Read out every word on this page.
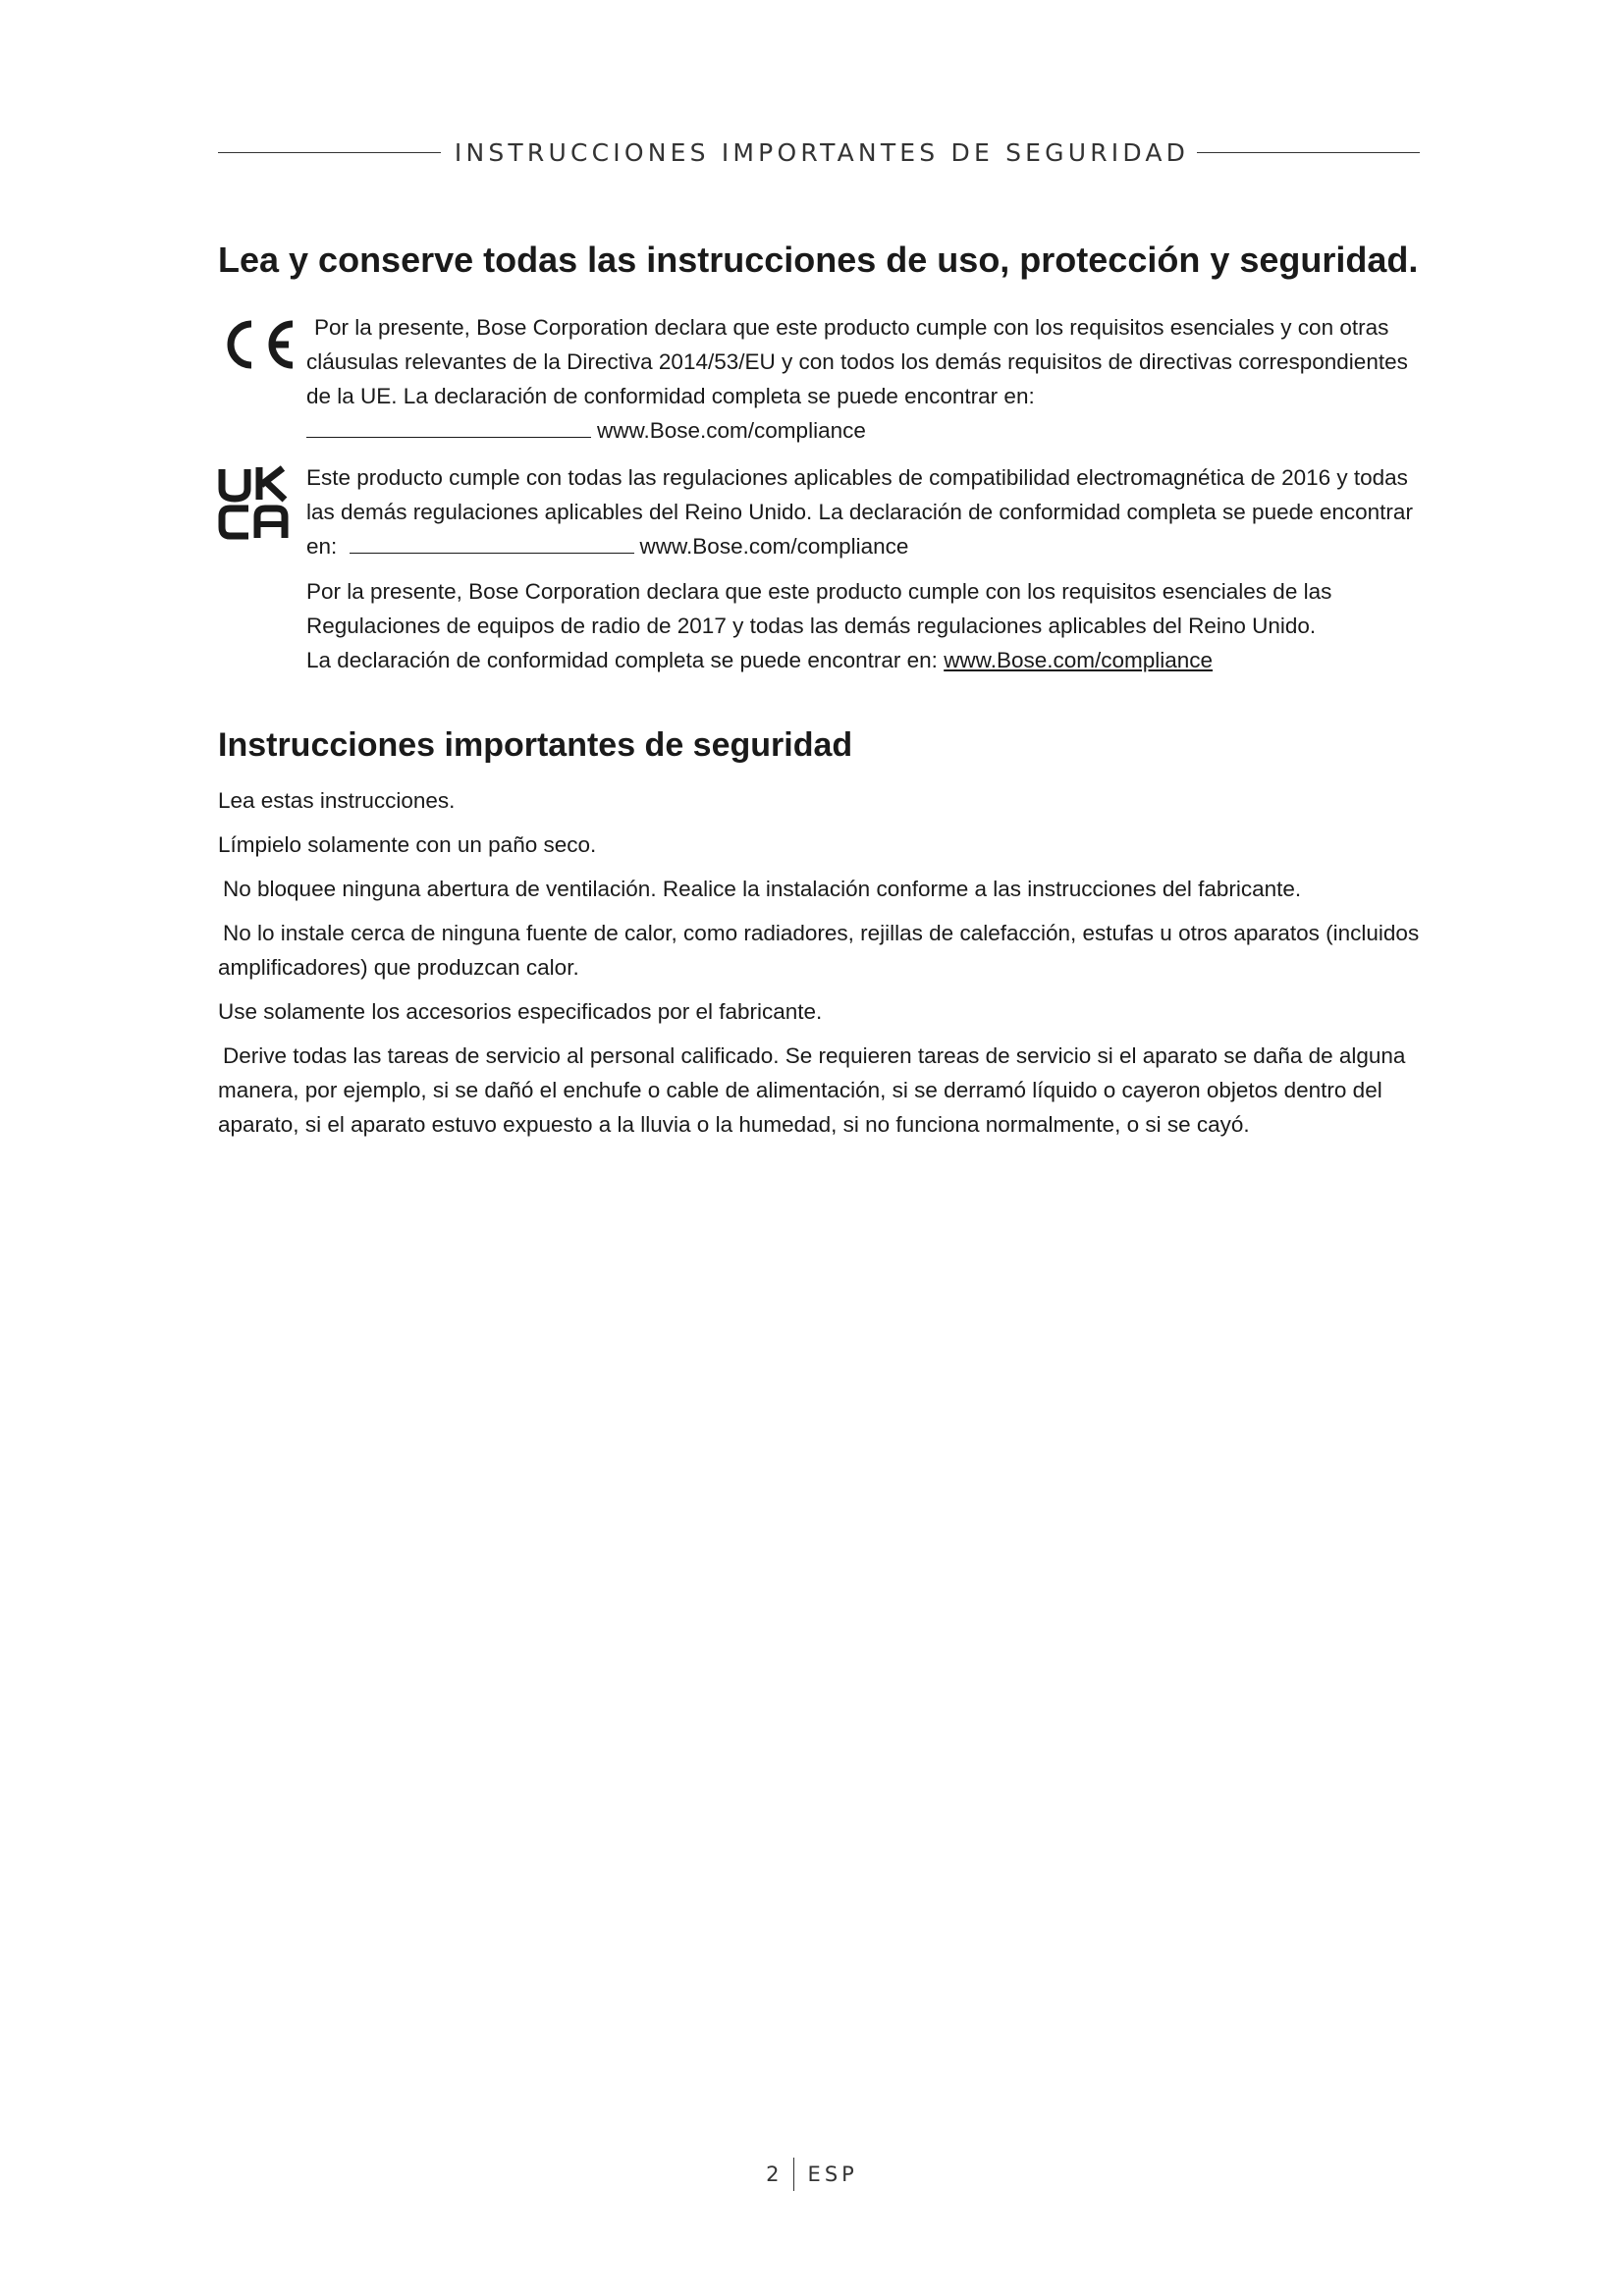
INSTRUCCIONES IMPORTANTES DE SEGURIDAD
Lea y conserve todas las instrucciones de uso, protección y seguridad.

Por la presente, Bose Corporation declara que este producto cumple con los requisitos esenciales y con otras cláusulas relevantes de la Directiva 2014/53/EU y con todos los demás requisitos de directivas correspondientes de la UE. La declaración de conformidad completa se puede encontrar en:

www.Bose.com/compliance

Este producto cumple con todas las regulaciones aplicables de compatibilidad electromagnética de 2016 y todas las demás regulaciones aplicables del Reino Unido. La declaración de conformidad completa se puede encontrar en:	www.Bose.com/compliance

Por la presente, Bose Corporation declara que este producto cumple con los requisitos esenciales de las Regulaciones de equipos de radio de 2017 y todas las demás regulaciones aplicables del Reino Unido.

La declaración de conformidad completa se puede encontrar en: www.Bose.com/compliance

Instrucciones importantes de seguridad
Lea estas instrucciones.
Límpielo solamente con un paño seco.
No bloquee ninguna abertura de ventilación. Realice la instalación conforme a las instrucciones del fabricante.
No lo instale cerca de ninguna fuente de calor, como radiadores, rejillas de calefacción, estufas u otros aparatos (incluidos amplificadores) que produzcan calor.
Use solamente los accesorios especificados por el fabricante.
Derive todas las tareas de servicio al personal calificado. Se requieren tareas de servicio si el aparato se daña de alguna manera, por ejemplo, si se dañó el enchufe o cable de alimentación, si se derramó líquido o cayeron objetos dentro del aparato, si el aparato estuvo expuesto a la lluvia o la humedad, si no funciona normalmente, o si se cayó.
2	ESP
